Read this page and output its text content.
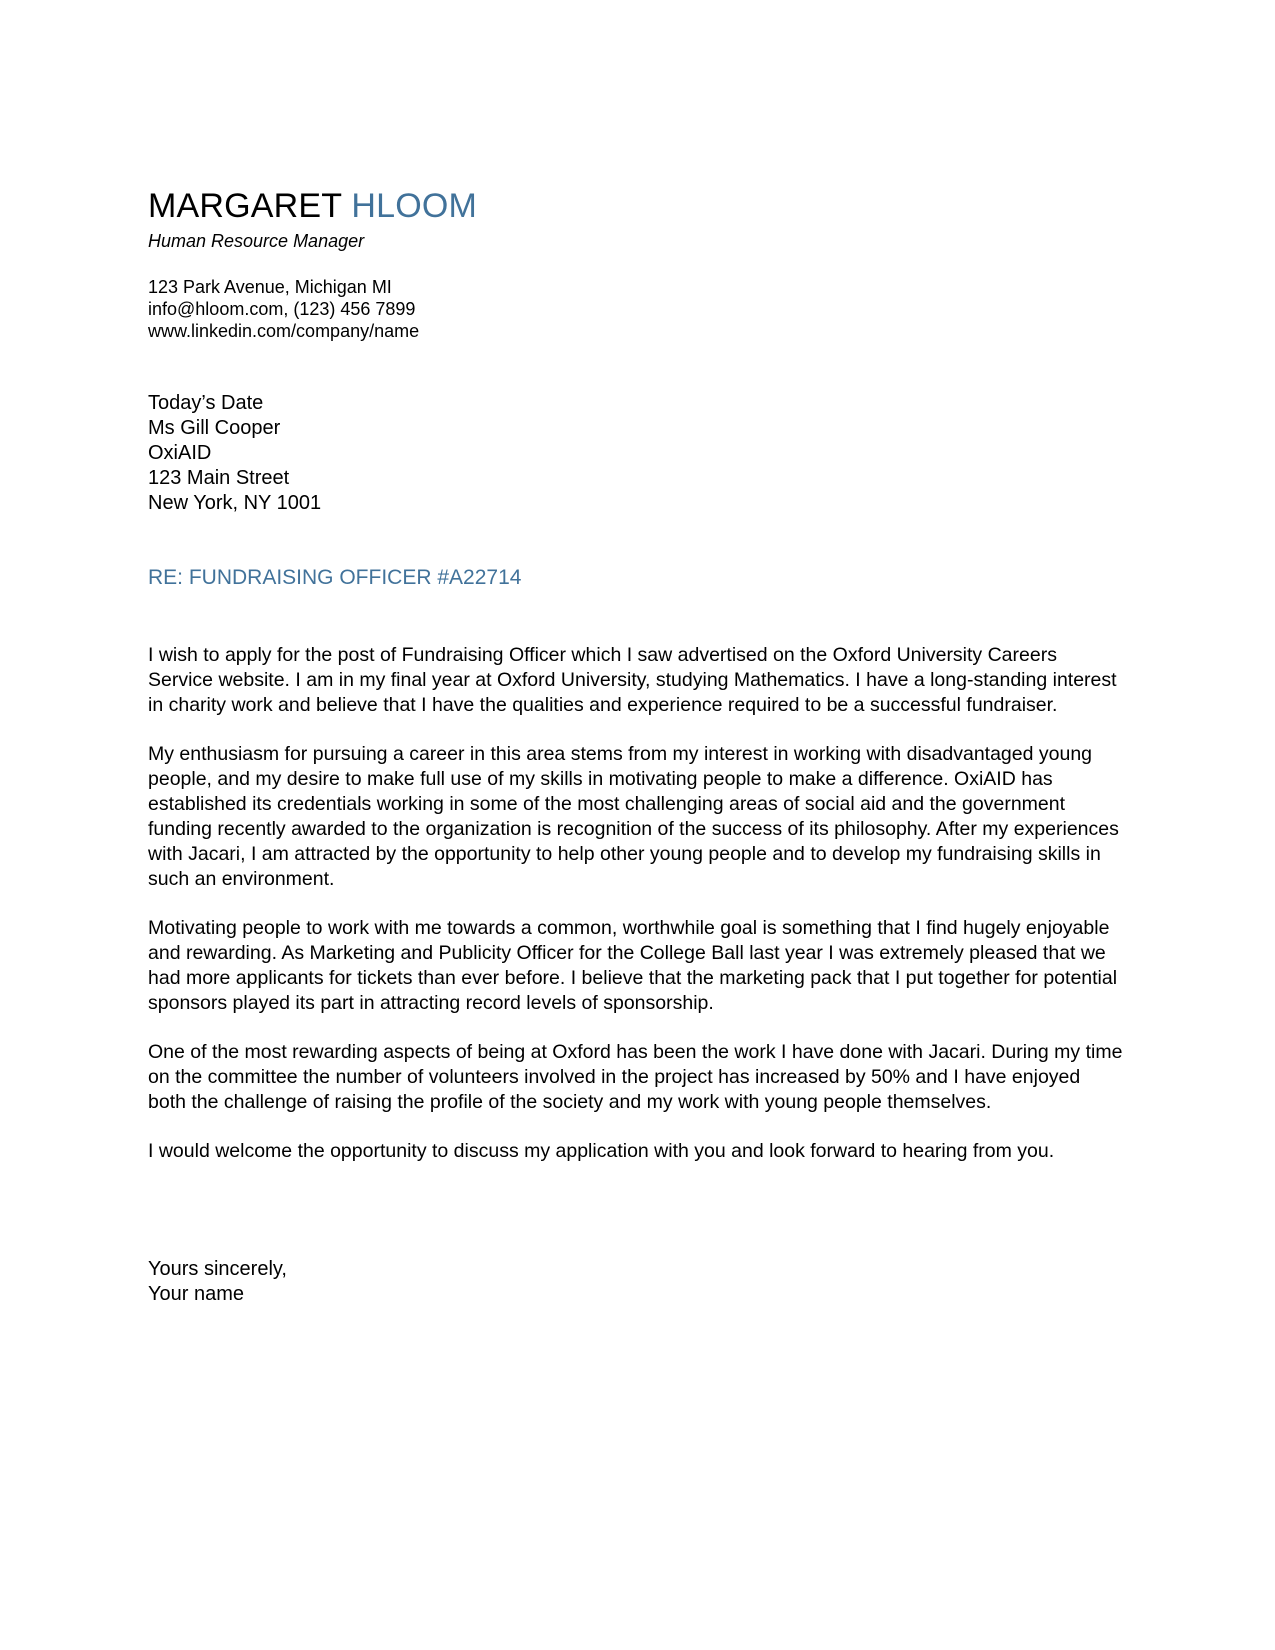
MARGARET HLOOM
Human Resource Manager
123 Park Avenue, Michigan MI
info@hloom.com, (123) 456 7899
www.linkedin.com/company/name
Today’s Date
Ms Gill Cooper
OxiAID
123 Main Street
New York, NY 1001
RE: FUNDRAISING OFFICER #A22714

I wish to apply for the post of Fundraising Officer which I saw advertised on the Oxford University Careers Service website. I am in my final year at Oxford University, studying Mathematics. I have a long-standing interest in charity work and believe that I have the qualities and experience required to be a successful fundraiser.

My enthusiasm for pursuing a career in this area stems from my interest in working with disadvantaged young people, and my desire to make full use of my skills in motivating people to make a difference. OxiAID has established its credentials working in some of the most challenging areas of social aid and the government funding recently awarded to the organization is recognition of the success of its philosophy. After my experiences with Jacari, I am attracted by the opportunity to help other young people and to develop my fundraising skills in such an environment.

Motivating people to work with me towards a common, worthwhile goal is something that I find hugely enjoyable and rewarding. As Marketing and Publicity Officer for the College Ball last year I was extremely pleased that we had more applicants for tickets than ever before. I believe that the marketing pack that I put together for potential sponsors played its part in attracting record levels of sponsorship.

One of the most rewarding aspects of being at Oxford has been the work I have done with Jacari. During my time on the committee the number of volunteers involved in the project has increased by 50% and I have enjoyed both the challenge of raising the profile of the society and my work with young people themselves.

I would welcome the opportunity to discuss my application with you and look forward to hearing from you.

Yours sincerely,
Your name
